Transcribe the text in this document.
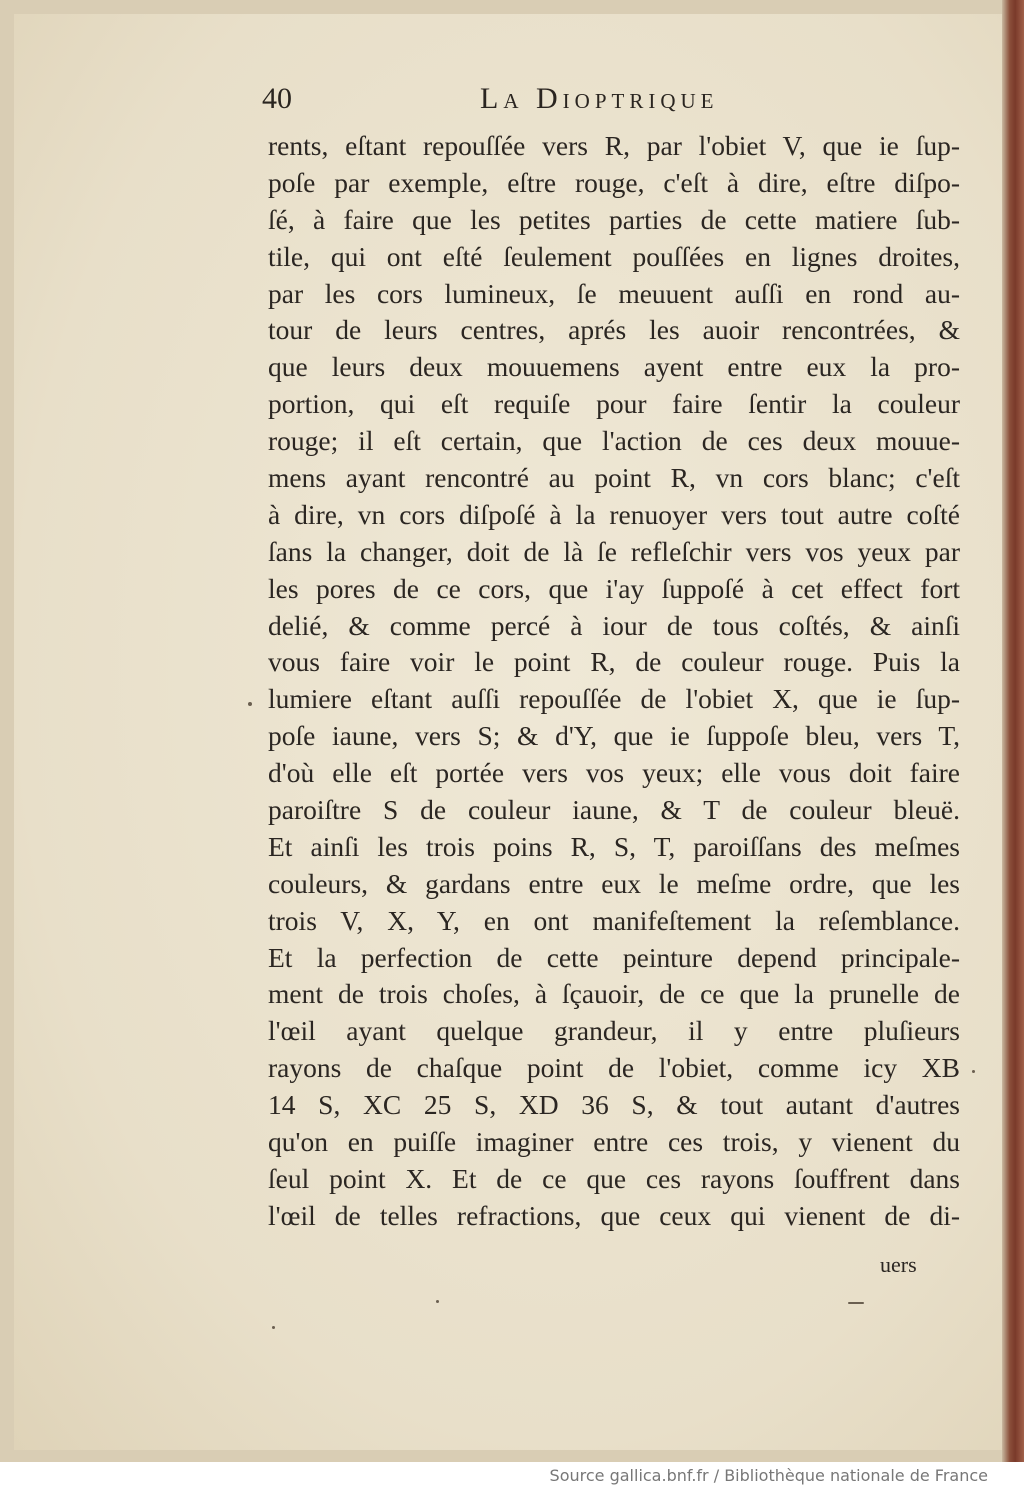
40	La Dioptrique
rents, eſtant repouſſée vers R, par l'obiet V, que ie ſup-
poſe par exemple, eſtre rouge, c'eſt à dire, eſtre diſpo-
ſé, à faire que les petites parties de cette matiere ſub-
tile, qui ont eſté ſeulement pouſſées en lignes droites,
par les cors lumineux, ſe meuuent auſſi en rond au-
tour de leurs centres, aprés les auoir rencontrées, &
que leurs deux mouuemens ayent entre eux la pro-
portion, qui eſt requiſe pour faire ſentir la couleur
rouge; il eſt certain, que l'action de ces deux mouue-
mens ayant rencontré au point R, vn cors blanc; c'eſt
à dire, vn cors diſpoſé à la renuoyer vers tout autre coſté
ſans la changer, doit de là ſe refleſchir vers vos yeux par
les pores de ce cors, que i'ay ſuppoſé à cet effect fort
delié, & comme percé à iour de tous coſtés, & ainſi
vous faire voir le point R, de couleur rouge. Puis la
lumiere eſtant auſſi repouſſée de l'obiet X, que ie ſup-
poſe iaune, vers S; & d'Y, que ie ſuppoſe bleu, vers T,
d'où elle eſt portée vers vos yeux; elle vous doit faire
paroiſtre S de couleur iaune, & T de couleur bleuë.
Et ainſi les trois poins R, S, T, paroiſſans des meſmes
couleurs, & gardans entre eux le meſme ordre, que les
trois V, X, Y, en ont manifeſtement la reſemblance.
Et la perfection de cette peinture depend principale-
ment de trois choſes, à ſçauoir, de ce que la prunelle de
l'œil ayant quelque grandeur, il y entre pluſieurs
rayons de chaſque point de l'obiet, comme icy XB
14 S, XC 25 S, XD 36 S, & tout autant d'autres
qu'on en puiſſe imaginer entre ces trois, y vienent du
ſeul point X. Et de ce que ces rayons ſouffrent dans
l'œil de telles refractions, que ceux qui vienent de di-
uers
Source gallica.bnf.fr / Bibliothèque nationale de France
